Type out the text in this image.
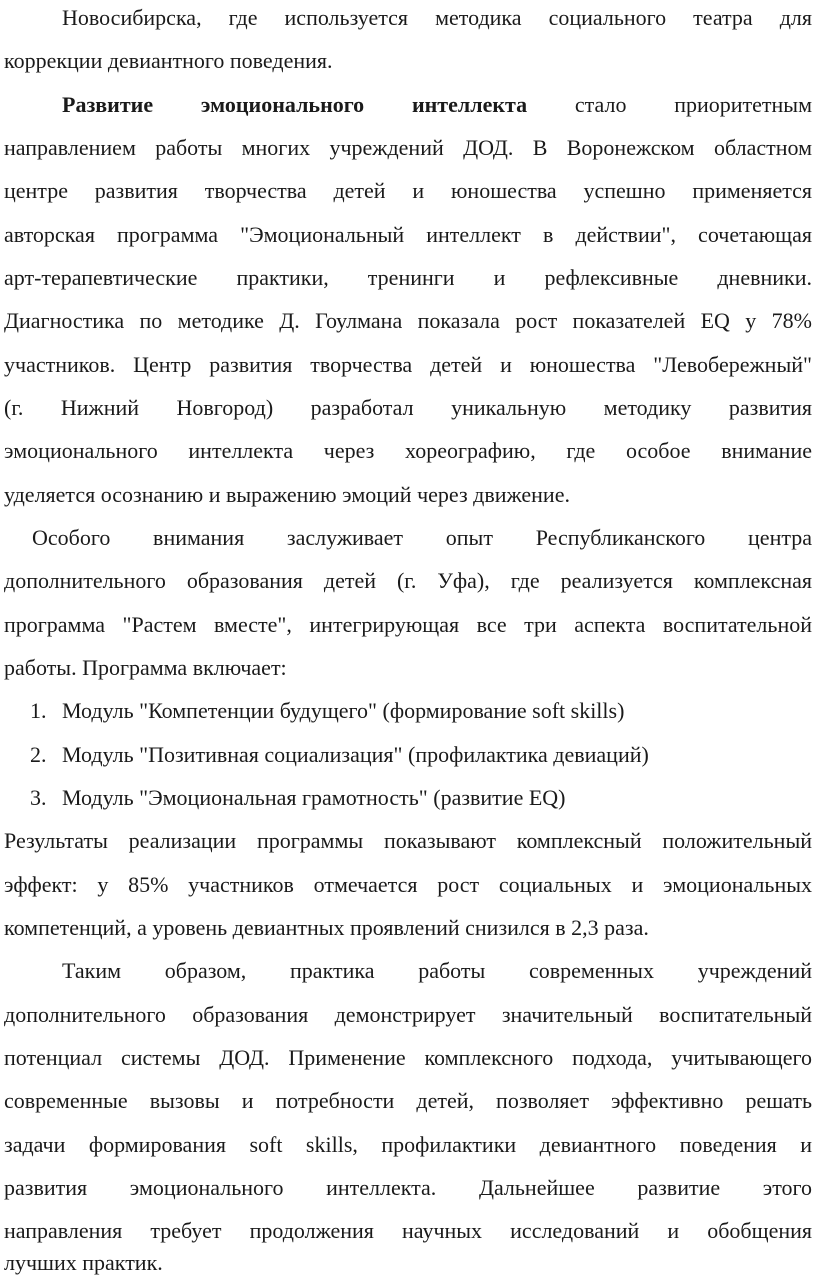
Новосибирска, где используется методика социального театра для
коррекции девиантного поведения.
Развитие эмоционального интеллекта стало приоритетным
направлением работы многих учреждений ДОД. В Воронежском областном
центре развития творчества детей и юношества успешно применяется
авторская программа "Эмоциональный интеллект в действии", сочетающая
арт-терапевтические практики, тренинги и рефлексивные дневники.
Диагностика по методике Д. Гоулмана показала рост показателей EQ у 78%
участников. Центр развития творчества детей и юношества "Левобережный"
(г. Нижний Новгород) разработал уникальную методику развития
эмоционального интеллекта через хореографию, где особое внимание
уделяется осознанию и выражению эмоций через движение.
Особого внимания заслуживает опыт Республиканского центра
дополнительного образования детей (г. Уфа), где реализуется комплексная
программа "Растем вместе", интегрирующая все три аспекта воспитательной
работы. Программа включает:
1. Модуль "Компетенции будущего" (формирование soft skills)
2. Модуль "Позитивная социализация" (профилактика девиаций)
3. Модуль "Эмоциональная грамотность" (развитие EQ)
Результаты реализации программы показывают комплексный положительный
эффект: у 85% участников отмечается рост социальных и эмоциональных
компетенций, а уровень девиантных проявлений снизился в 2,3 раза.
Таким образом, практика работы современных учреждений
дополнительного образования демонстрирует значительный воспитательный
потенциал системы ДОД. Применение комплексного подхода, учитывающего
современные вызовы и потребности детей, позволяет эффективно решать
задачи формирования soft skills, профилактики девиантного поведения и
развития эмоционального интеллекта. Дальнейшее развитие этого
направления требует продолжения научных исследований и обобщения
лучших практик.
